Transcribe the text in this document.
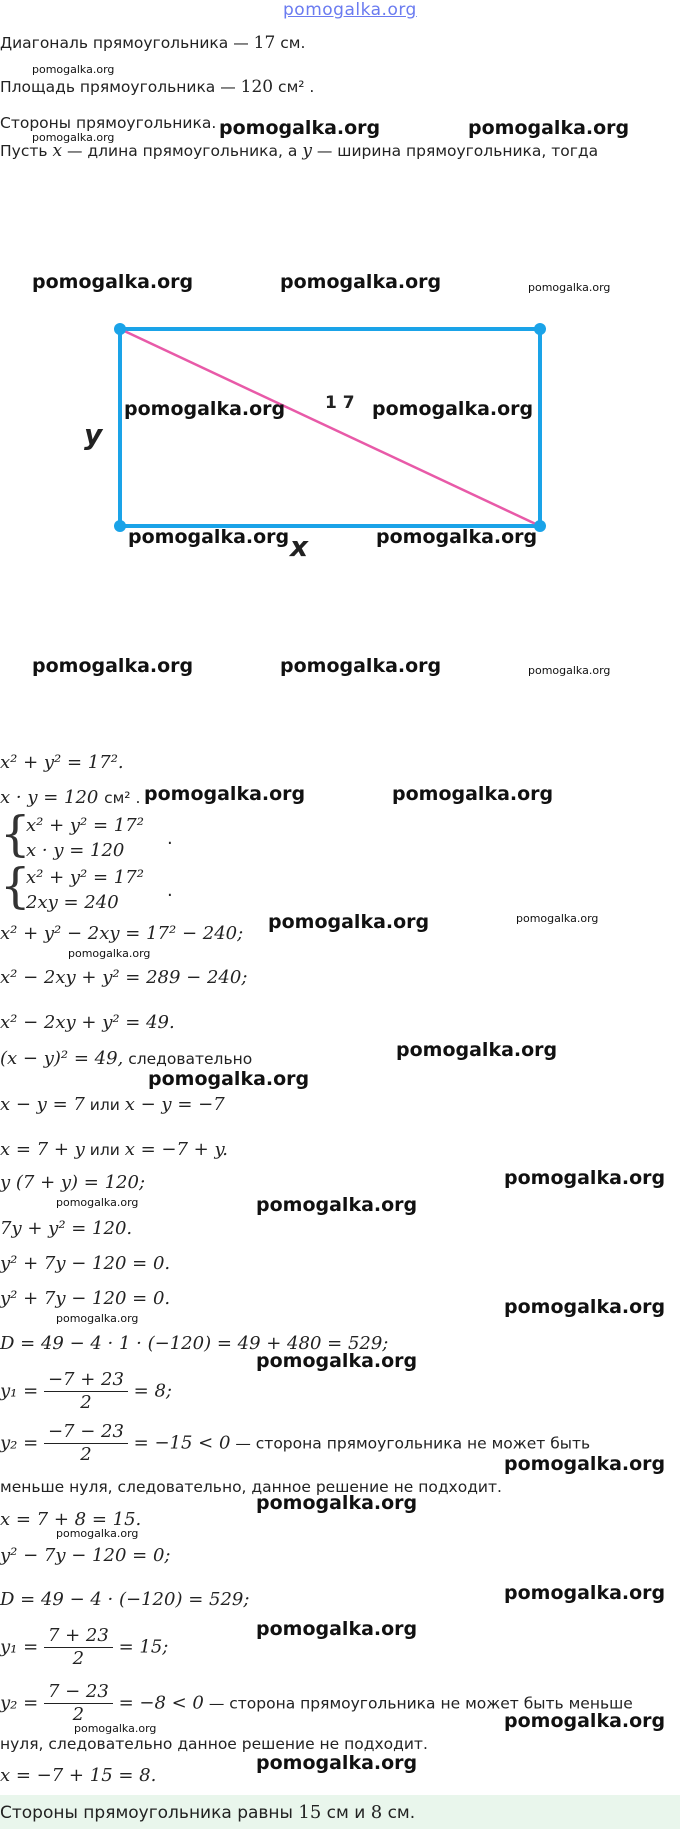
pomogalka.org
Диагональ прямоугольника — 17 см.
pomogalka.org
Площадь прямоугольника — 120 см² .
Стороны прямоугольника.
pomogalka.org	pomogalka.org	pomogalka.org
Пусть x — длина прямоугольника, а y — ширина прямоугольника, тогда
pomogalka.org	pomogalka.org	pomogalka.org
y
x
1 7
pomogalka.org	pomogalka.org
pomogalka.org	pomogalka.org
pomogalka.org	pomogalka.org	pomogalka.org
x² + y² = 17².
x · y = 120 см² . pomogalka.org	pomogalka.org
{
x² + y² = 17²
x · y = 120
.
{
x² + y² = 17²
2xy = 240
.
x² + y² − 2xy = 17² − 240;
pomogalka.org	pomogalka.org
pomogalka.org
x² − 2xy + y² = 289 − 240;
x² − 2xy + y² = 49.
(x − y)² = 49, следовательно	pomogalka.org
pomogalka.org
x − y = 7 или x − y = −7
x = 7 + y или x = −7 + y.
y (7 + y) = 120;	pomogalka.org
pomogalka.org	pomogalka.org
7y + y² = 120.
y² + 7y − 120 = 0.
y² + 7y − 120 = 0.	pomogalka.org
pomogalka.org
D = 49 − 4 · 1 · (−120) = 49 + 480 = 529;
pomogalka.org
$y_1 = \frac{-7 + 23}{2} = 8$;
$y_2 = \frac{-7 - 23}{2} = -15 < 0$ — сторона прямоугольника не может быть
pomogalka.org
меньше нуля, следовательно, данное решение не подходит.
pomogalka.org
x = 7 + 8 = 15.
pomogalka.org
y² − 7y − 120 = 0;
D = 49 − 4 · (−120) = 529;	pomogalka.org
pomogalka.org
$y_1 = \frac{7 + 23}{2} = 15$;
$y_2 = \frac{7 - 23}{2} = -8 < 0$ — сторона прямоугольника не может быть меньше
pomogalka.org
pomogalka.org
нуля, следовательно данное решение не подходит.
pomogalka.org
x = −7 + 15 = 8.
Стороны прямоугольника равны 15 см и 8 см.
